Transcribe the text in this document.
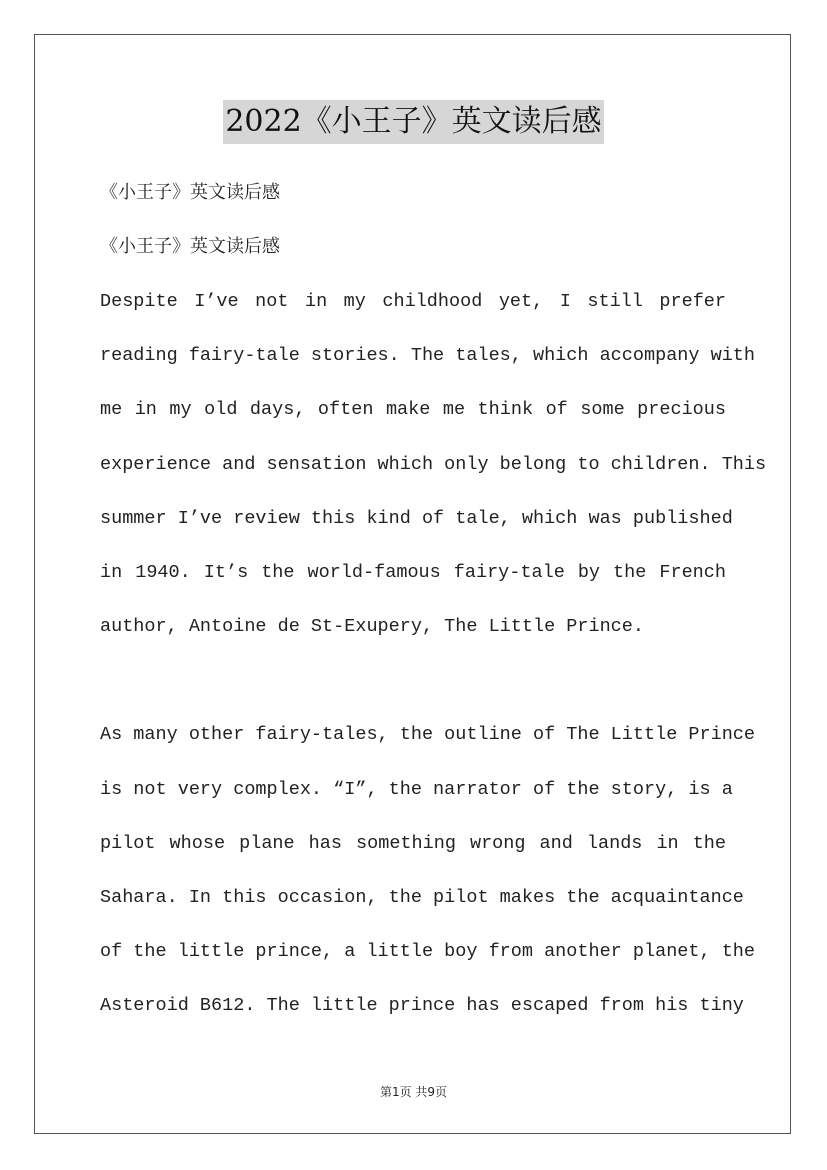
2022《小王子》英文读后感
《小王子》英文读后感
《小王子》英文读后感
Despite I’ve not in my childhood yet, I still prefer
reading fairy-tale stories. The tales, which accompany with
me in my old days, often make me think of some precious
experience and sensation which only belong to children. This
summer I’ve review this kind of tale, which was published
in 1940. It’s the world-famous fairy-tale by the French
author, Antoine de St-Exupery, The Little Prince.
As many other fairy-tales, the outline of The Little Prince
is not very complex. “I”, the narrator of the story, is a
pilot whose plane has something wrong and lands in the
Sahara. In this occasion, the pilot makes the acquaintance
of the little prince, a little boy from another planet, the
Asteroid B612. The little prince has escaped from his tiny
第1页 共9页
